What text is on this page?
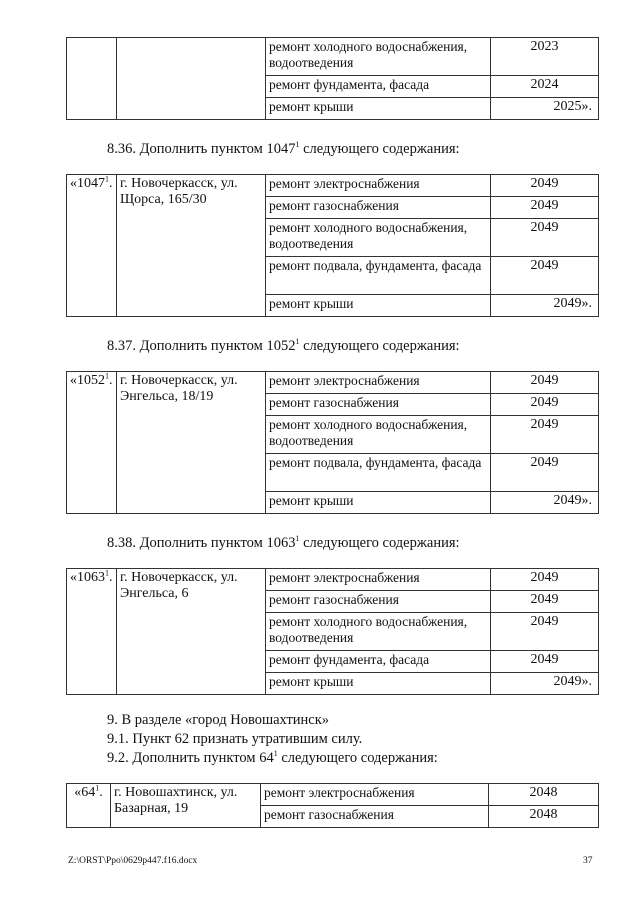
		ремонт холодного водоснабжения, водоотведения	2023
		ремонт фундамента, фасада	2024
		ремонт крыши	2025».
8.36. Дополнить пунктом 1047$^1$ следующего содержания:
«1047$^1$.	г. Новочеркасск, ул. Щорса, 165/30	ремонт электроснабжения	2049
		ремонт газоснабжения	2049
		ремонт холодного водоснабжения, водоотведения	2049
		ремонт подвала, фундамента, фасада	2049
		ремонт крыши	2049».
8.37. Дополнить пунктом 1052$^1$ следующего содержания:
«1052$^1$.	г. Новочеркасск, ул. Энгельса, 18/19	ремонт электроснабжения	2049
		ремонт газоснабжения	2049
		ремонт холодного водоснабжения, водоотведения	2049
		ремонт подвала, фундамента, фасада	2049
		ремонт крыши	2049».
8.38. Дополнить пунктом 1063$^1$ следующего содержания:
«1063$^1$.	г. Новочеркасск, ул. Энгельса, 6	ремонт электроснабжения	2049
		ремонт газоснабжения	2049
		ремонт холодного водоснабжения, водоотведения	2049
		ремонт фундамента, фасада	2049
		ремонт крыши	2049».
9. В разделе «город Новошахтинск»
9.1. Пункт 62 признать утратившим силу.
9.2. Дополнить пунктом $64^1$ следующего содержания:
«$64^1$.	г. Новошахтинск, ул. Базарная, 19	ремонт электроснабжения	2048
		ремонт газоснабжения	2048
Z:\ORST\Ppo\0629p447.f16.docx	37
